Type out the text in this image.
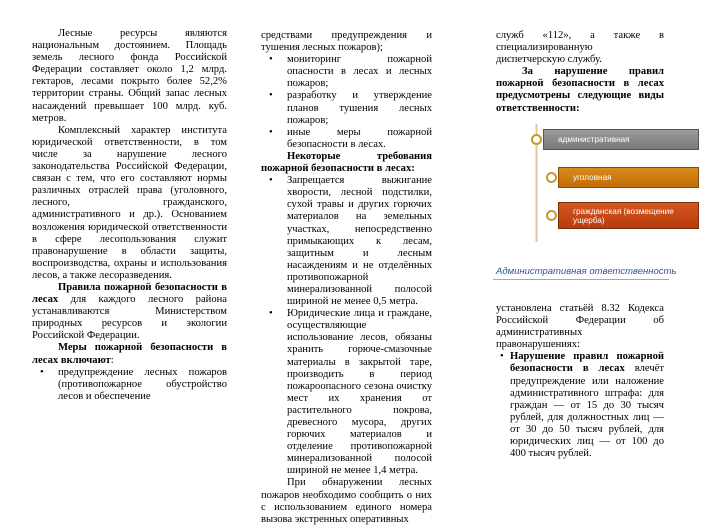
Лесные ресурсы являются национальным достоянием. Площадь земель лесного фонда Российской Федерации составляет около 1,2 млрд. гектаров, лесами покрыто более 52,2% территории страны. Общий запас лесных насаждений превышает 100 млрд. куб. метров.

Комплексный характер института юридической ответственности, в том числе за нарушение лесного законодательства Российской Федерации, связан с тем, что его составляют нормы различных отраслей права (уголовного, лесного, гражданского, административного и др.). Основанием возложения юридической ответственности в сфере лесопользования служит правонарушение в области защиты, воспроизводства, охраны и использования лесов, а также лесоразведения.

Правила пожарной безопасности в лесах для каждого лесного района устанавливаются Министерством природных ресурсов и экологии Российской Федерации.

Меры пожарной безопасности в лесах включают:

• предупреждение лесных пожаров (противопожарное обустройство лесов и обеспечение

средствами предупреждения и тушения лесных пожаров);

• мониторинг пожарной опасности в лесах и лесных пожаров;
• разработку и утверждение планов тушения лесных пожаров;
• иные меры пожарной безопасности в лесах.

Некоторые требования пожарной безопасности в лесах:

• Запрещается выжигание хворости, лесной подстилки, сухой травы и других горючих материалов на земельных участках, непосредственно примыкающих к лесам, защитным и лесным насаждениям и не отделённых противопожарной минерализованной полосой шириной не менее 0,5 метра.
• Юридические лица и граждане, осуществляющие использование лесов, обязаны хранить горюче-смазочные материалы в закрытой таре, производить в период пожароопасного сезона очистку мест их хранения от растительного покрова, древесного мусора, других горючих материалов и отделение противопожарной минерализованной полосой шириной не менее 1,4 метра.

При обнаружении лесных пожаров необходимо сообщить о них с использованием единого номера вызова экстренных оперативных

служб «112», а также в специализированную диспетчерскую службу.

За нарушение правил пожарной безопасности в лесах предусмотрены следующие виды ответственности:

административная
уголовная
гражданская (возмещение ущерба)
Административная ответственность

установлена статьёй 8.32 Кодекса Российской Федерации об административных правонарушениях:

• Нарушение правил пожарной безопасности в лесах влечёт предупреждение или наложение административного штрафа: для граждан — от 15 до 30 тысяч рублей, для должностных лиц — от 30 до 50 тысяч рублей, для юридических лиц — от 100 до 400 тысяч рублей.
